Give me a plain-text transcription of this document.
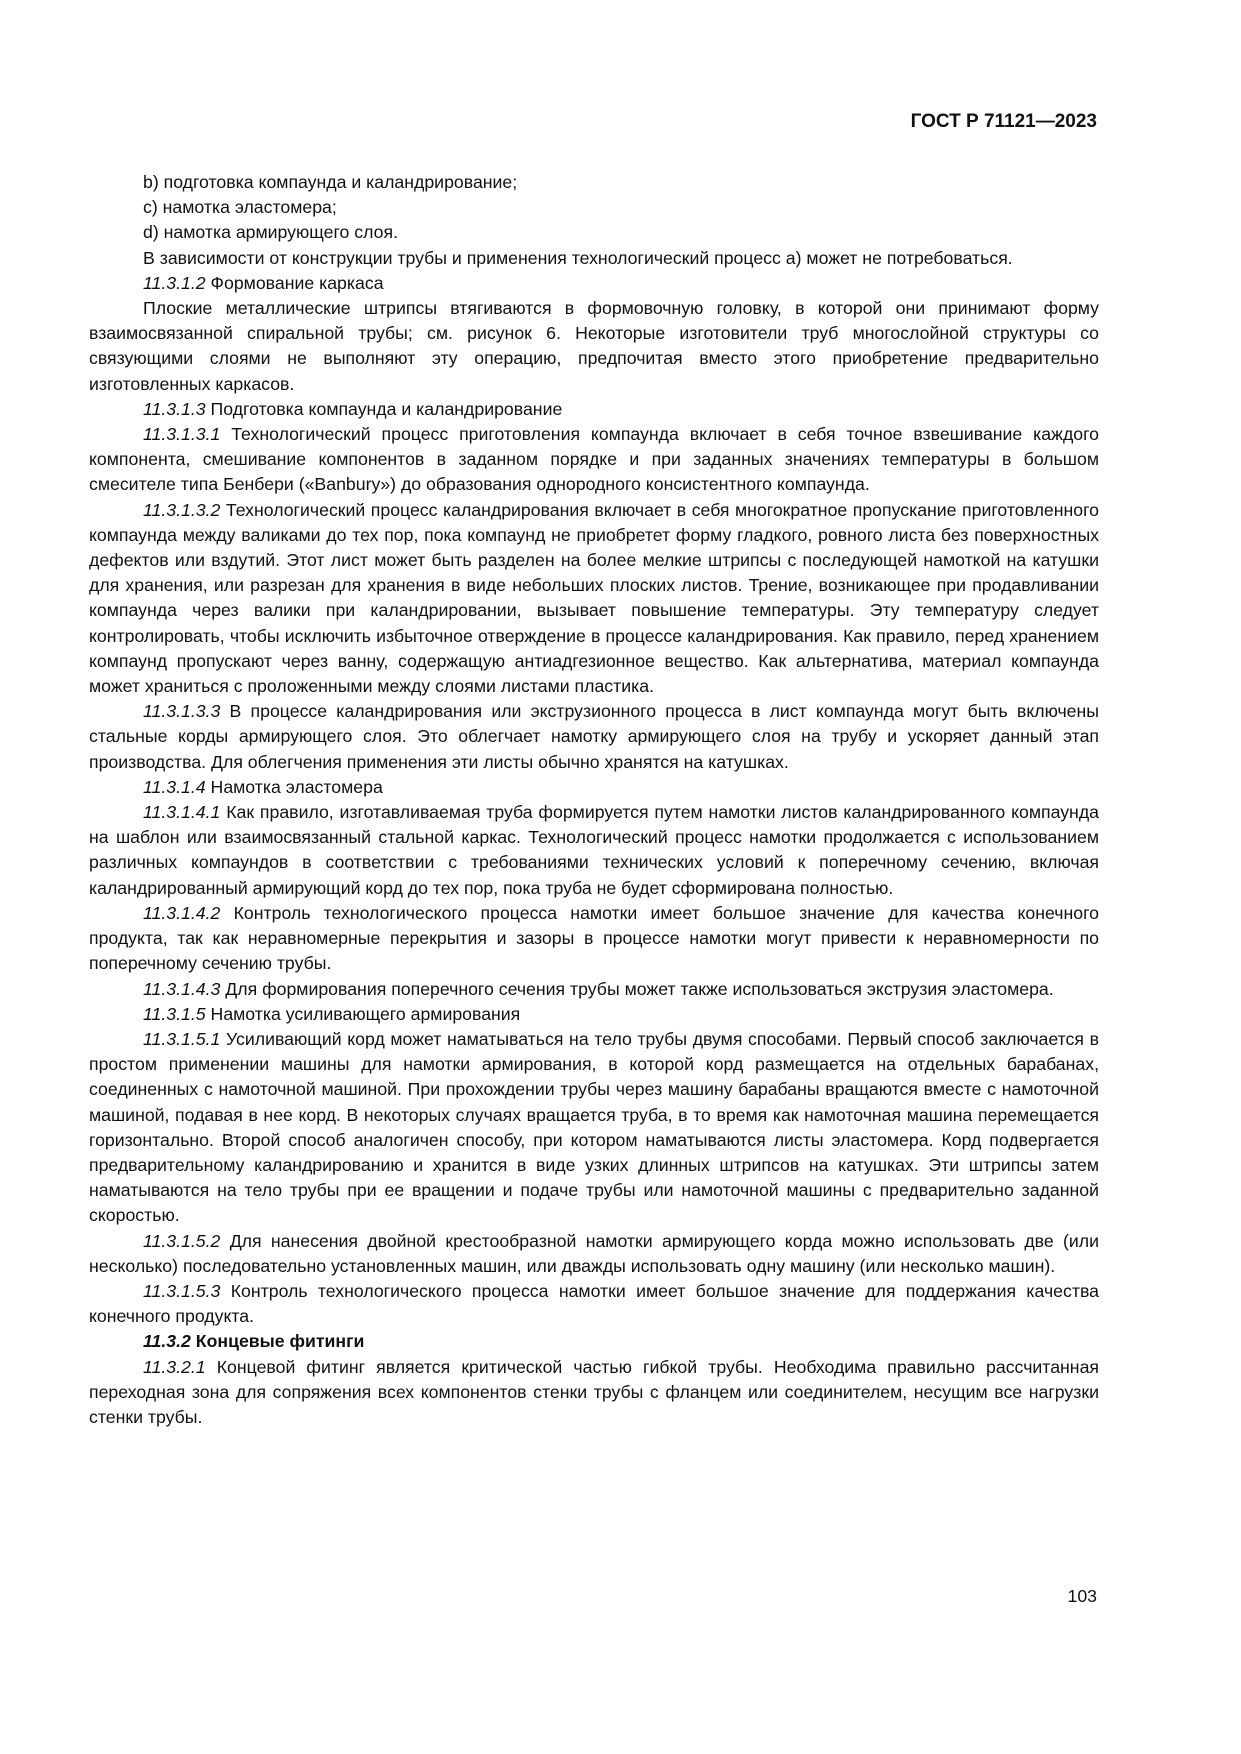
ГОСТ Р 71121—2023

b) подготовка компаунда и каландрирование;

c) намотка эластомера;

d) намотка армирующего слоя.

В зависимости от конструкции трубы и применения технологический процесс а) может не потребоваться.

11.3.1.2 Формование каркаса

Плоские металлические штрипсы втягиваются в формовочную головку, в которой они принимают форму взаимосвязанной спиральной трубы; см. рисунок 6. Некоторые изготовители труб многослойной структуры со связующими слоями не выполняют эту операцию, предпочитая вместо этого приобретение предварительно изготовленных каркасов.

11.3.1.3 Подготовка компаунда и каландрирование

11.3.1.3.1 Технологический процесс приготовления компаунда включает в себя точное взвешивание каждого компонента, смешивание компонентов в заданном порядке и при заданных значениях температуры в большом смесителе типа Бенбери («Banbury») до образования однородного консистентного компаунда.

11.3.1.3.2 Технологический процесс каландрирования включает в себя многократное пропускание приготовленного компаунда между валиками до тех пор, пока компаунд не приобретет форму гладкого, ровного листа без поверхностных дефектов или вздутий. Этот лист может быть разделен на более мелкие штрипсы с последующей намоткой на катушки для хранения, или разрезан для хранения в виде небольших плоских листов. Трение, возникающее при продавливании компаунда через валики при каландрировании, вызывает повышение температуры. Эту температуру следует контролировать, чтобы исключить избыточное отверждение в процессе каландрирования. Как правило, перед хранением компаунд пропускают через ванну, содержащую антиадгезионное вещество. Как альтернатива, материал компаунда может храниться с проложенными между слоями листами пластика.

11.3.1.3.3 В процессе каландрирования или экструзионного процесса в лист компаунда могут быть включены стальные корды армирующего слоя. Это облегчает намотку армирующего слоя на трубу и ускоряет данный этап производства. Для облегчения применения эти листы обычно хранятся на катушках.

11.3.1.4 Намотка эластомера

11.3.1.4.1 Как правило, изготавливаемая труба формируется путем намотки листов каландрированного компаунда на шаблон или взаимосвязанный стальной каркас. Технологический процесс намотки продолжается с использованием различных компаундов в соответствии с требованиями технических условий к поперечному сечению, включая каландрированный армирующий корд до тех пор, пока труба не будет сформирована полностью.

11.3.1.4.2 Контроль технологического процесса намотки имеет большое значение для качества конечного продукта, так как неравномерные перекрытия и зазоры в процессе намотки могут привести к неравномерности по поперечному сечению трубы.

11.3.1.4.3 Для формирования поперечного сечения трубы может также использоваться экструзия эластомера.

11.3.1.5 Намотка усиливающего армирования

11.3.1.5.1 Усиливающий корд может наматываться на тело трубы двумя способами. Первый способ заключается в простом применении машины для намотки армирования, в которой корд размещается на отдельных барабанах, соединенных с намоточной машиной. При прохождении трубы через машину барабаны вращаются вместе с намоточной машиной, подавая в нее корд. В некоторых случаях вращается труба, в то время как намоточная машина перемещается горизонтально. Второй способ аналогичен способу, при котором наматываются листы эластомера. Корд подвергается предварительному каландрированию и хранится в виде узких длинных штрипсов на катушках. Эти штрипсы затем наматываются на тело трубы при ее вращении и подаче трубы или намоточной машины с предварительно заданной скоростью.

11.3.1.5.2 Для нанесения двойной крестообразной намотки армирующего корда можно использовать две (или несколько) последовательно установленных машин, или дважды использовать одну машину (или несколько машин).

11.3.1.5.3 Контроль технологического процесса намотки имеет большое значение для поддержания качества конечного продукта.

11.3.2 Концевые фитинги

11.3.2.1 Концевой фитинг является критической частью гибкой трубы. Необходима правильно рассчитанная переходная зона для сопряжения всех компонентов стенки трубы с фланцем или соединителем, несущим все нагрузки стенки трубы.

103
